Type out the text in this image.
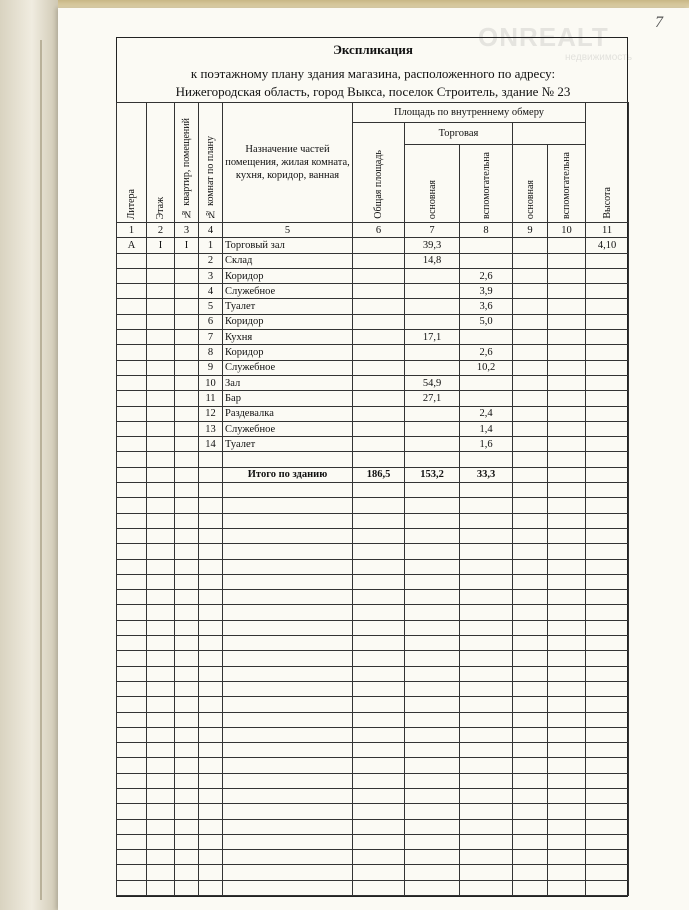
7
ONREALT
недвижимость
Экспликация
к поэтажному плану здания магазина, расположенного по адресу:
Нижегородская область, город Выкса, поселок Строитель, здание № 23
Литера	Этаж	№ квартир, помещений	№ комнат по плану	Назначение частей помещения, жилая комната, кухня, коридор, ванная	Площадь по внутреннему обмеру					Высота
					Общая площадь	Торговая				
						основная	вспомогательна	основная	вспомогательна	
1	2	3	4	5	6	7	8	9	10	11
А	I	I	1	Торговый зал		39,3				4,10
			2	Склад		14,8				
			3	Коридор			2,6			
			4	Служебное			3,9			
			5	Туалет			3,6			
			6	Коридор			5,0			
			7	Кухня		17,1				
			8	Коридор			2,6			
			9	Служебное			10,2			
			10	Зал		54,9				
			11	Бар		27,1				
			12	Раздевалка			2,4			
			13	Служебное			1,4			
			14	Туалет			1,6			

				Итого по зданию	186,5	153,2	33,3			
